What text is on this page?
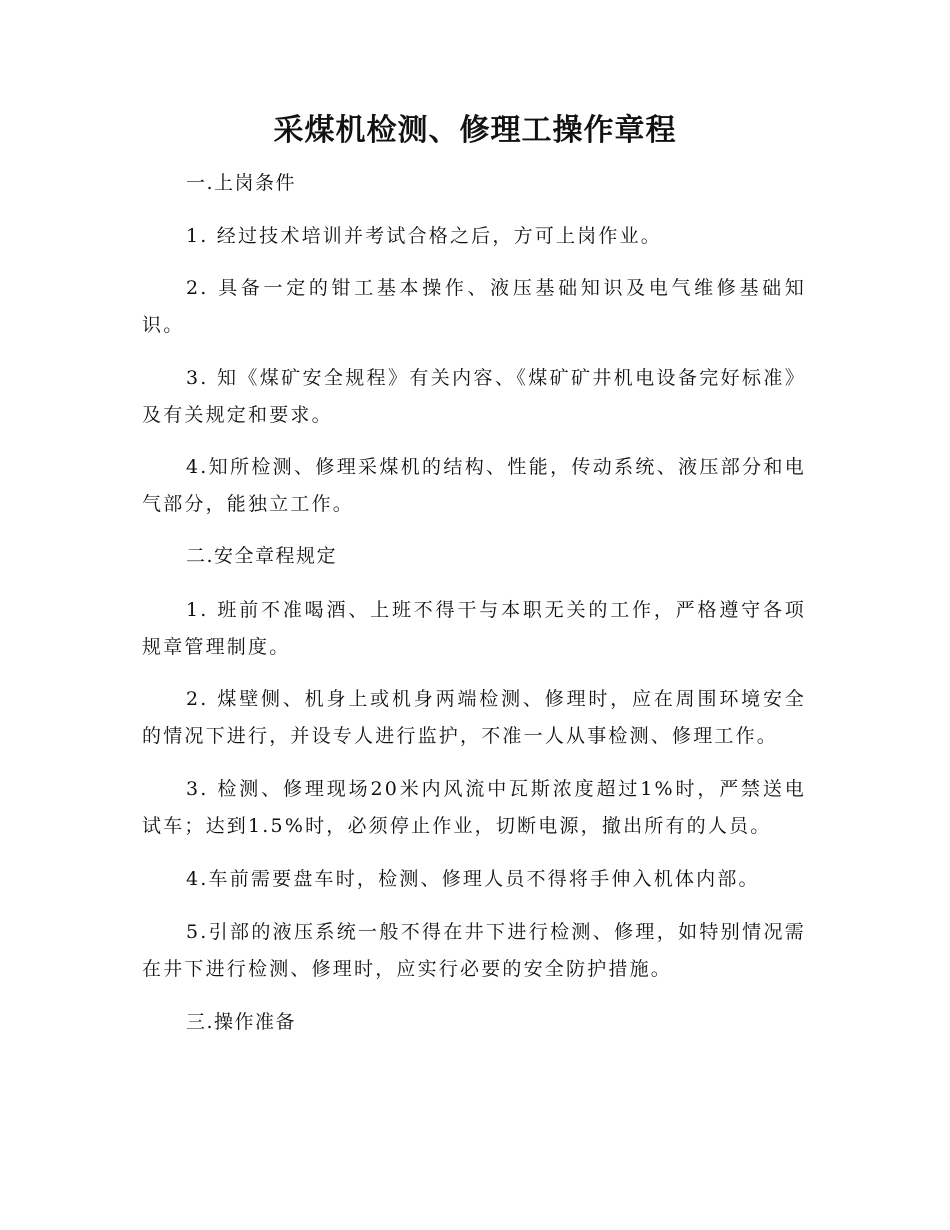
采煤机检测、修理工操作章程

一.上岗条件

1. 经过技术培训并考试合格之后，方可上岗作业。

2. 具备一定的钳工基本操作、液压基础知识及电气维修基础知识。

3. 知《煤矿安全规程》有关内容、《煤矿矿井机电设备完好标准》及有关规定和要求。

4.知所检测、修理采煤机的结构、性能，传动系统、液压部分和电气部分，能独立工作。

二.安全章程规定

1. 班前不准喝酒、上班不得干与本职无关的工作，严格遵守各项规章管理制度。

2. 煤壁侧、机身上或机身两端检测、修理时，应在周围环境安全的情况下进行，并设专人进行监护，不准一人从事检测、修理工作。

3. 检测、修理现场20米内风流中瓦斯浓度超过1%时，严禁送电试车；达到1.5%时，必须停止作业，切断电源，撤出所有的人员。

4.车前需要盘车时，检测、修理人员不得将手伸入机体内部。

5.引部的液压系统一般不得在井下进行检测、修理，如特别情况需在井下进行检测、修理时，应实行必要的安全防护措施。

三.操作准备
